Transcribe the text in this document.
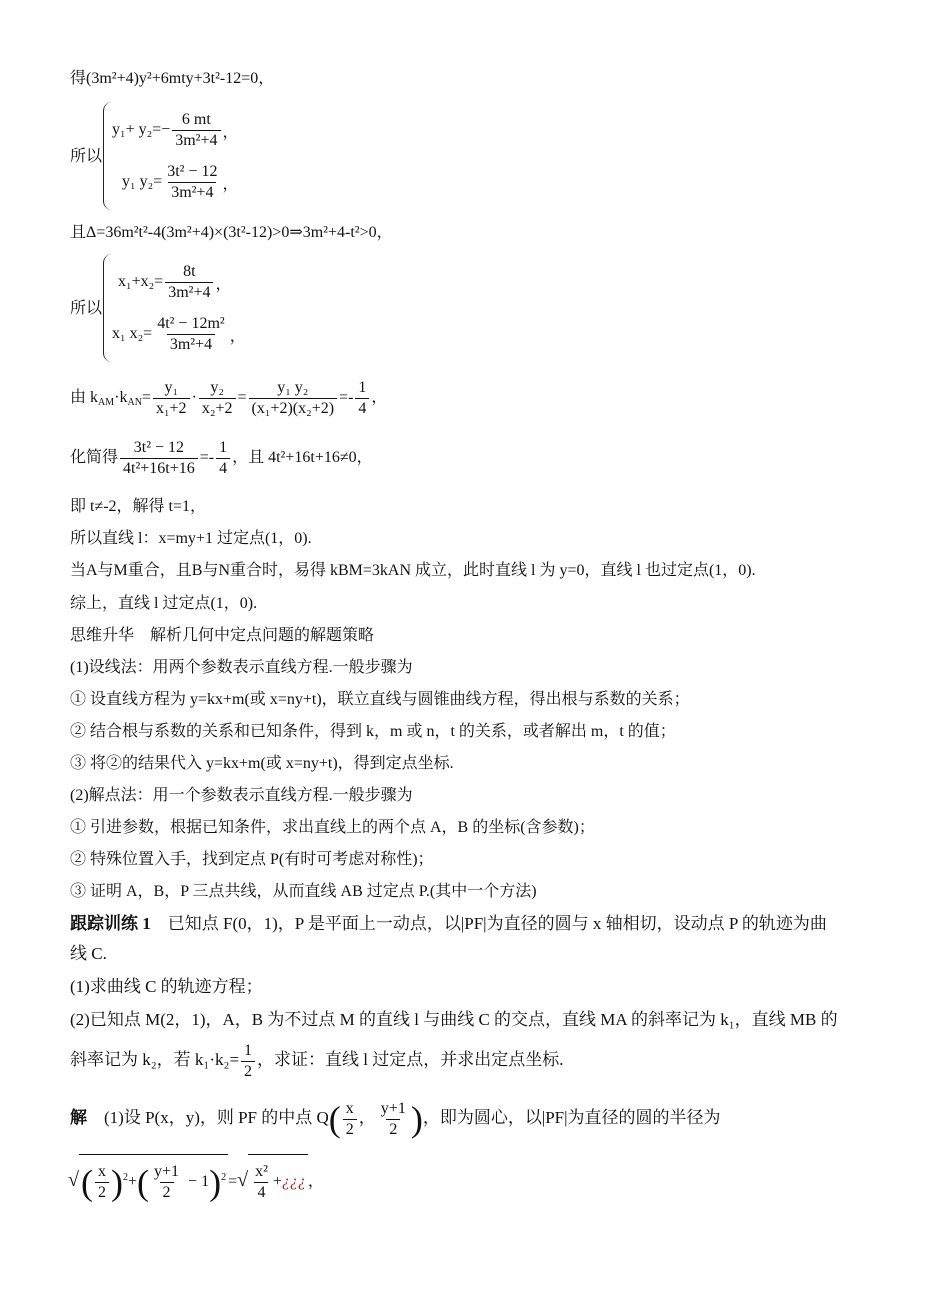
得(3m²+4)y²+6mty+3t²-12=0，
所以
$y_1+ y_2=- \frac{6 mt}{\text{3m²+4}}$ ，
y₁ $y_2= \frac{\text{3t² − 12}}{\text{3m²+4}}$ ，
且Δ=36m²t²-4(3m²+4)×(3t²-12)>0⇒3m²+4-t²>0，
所以
$x_1+x_2= \frac{8t}{\text{3m²+4}}$ ，
x₁ $x_2= \frac{\text{4t² − 12m²}}{\text{3m²+4}}$ ，
由 $k_{AM}\cdot k_{AN}= \frac{\text{y₁}}{\text{x₁+2}} \cdot \frac{\text{y₂}}{\text{x₂+2}} = \frac{\text{y₁ y₂}}{\text{(x₁+2)(x₂+2)}} =- \frac{1}{4}$ ，
化简得 $\frac{\text{3t² − 12}}{\text{4t²+16t+16}} =- \frac{1}{4}$ ，且 4t²+16t+16≠0，
即 t≠-2，解得 t=1，
所以直线 l：x=my+1 过定点(1，0).
当A与M重合，且B与N重合时，易得 kBM=3kAN 成立，此时直线 l 为 y=0，直线 l 也过定点(1，0).
综上，直线 l 过定点(1，0).
思维升华　解析几何中定点问题的解题策略
(1)设线法：用两个参数表示直线方程.一般步骤为
① 设直线方程为 y=kx+m(或 x=ny+t)，联立直线与圆锥曲线方程，得出根与系数的关系；
② 结合根与系数的关系和已知条件，得到 k，m 或 n，t 的关系，或者解出 m，t 的值；
③ 将②的结果代入 y=kx+m(或 x=ny+t)，得到定点坐标.
(2)解点法：用一个参数表示直线方程.一般步骤为
① 引进参数，根据已知条件，求出直线上的两个点 A，B 的坐标(含参数)；
② 特殊位置入手，找到定点 P(有时可考虑对称性)；
③ 证明 A，B，P 三点共线，从而直线 AB 过定点 P.(其中一个方法)
跟踪训练 1　已知点 F(0，1)，P 是平面上一动点，以|PF|为直径的圆与 x 轴相切，设动点 P 的轨迹为曲
线 C.
(1)求曲线 C 的轨迹方程；
(2)已知点 M(2，1)，A，B 为不过点 M 的直线 l 与曲线 C 的交点，直线 MA 的斜率记为 k₁，直线 MB 的
斜率记为 k₂，若 $k_1\cdot k_2= \frac{1}{2}$ ，求证：直线 l 过定点，并求出定点坐标.
解　(1)设 P(x，y)，则 PF 的中点 $Q( \frac{x}{2}$ ， $\frac{y+1}{2}$ )，即为圆心，以|PF|为直径的圆的半径为
√( $\frac{x}{2} )^2+( \frac{y+1}{2} - 1)^2$ =√ $\frac{\text{x²}}{4}$ +¿¿¿ ，
